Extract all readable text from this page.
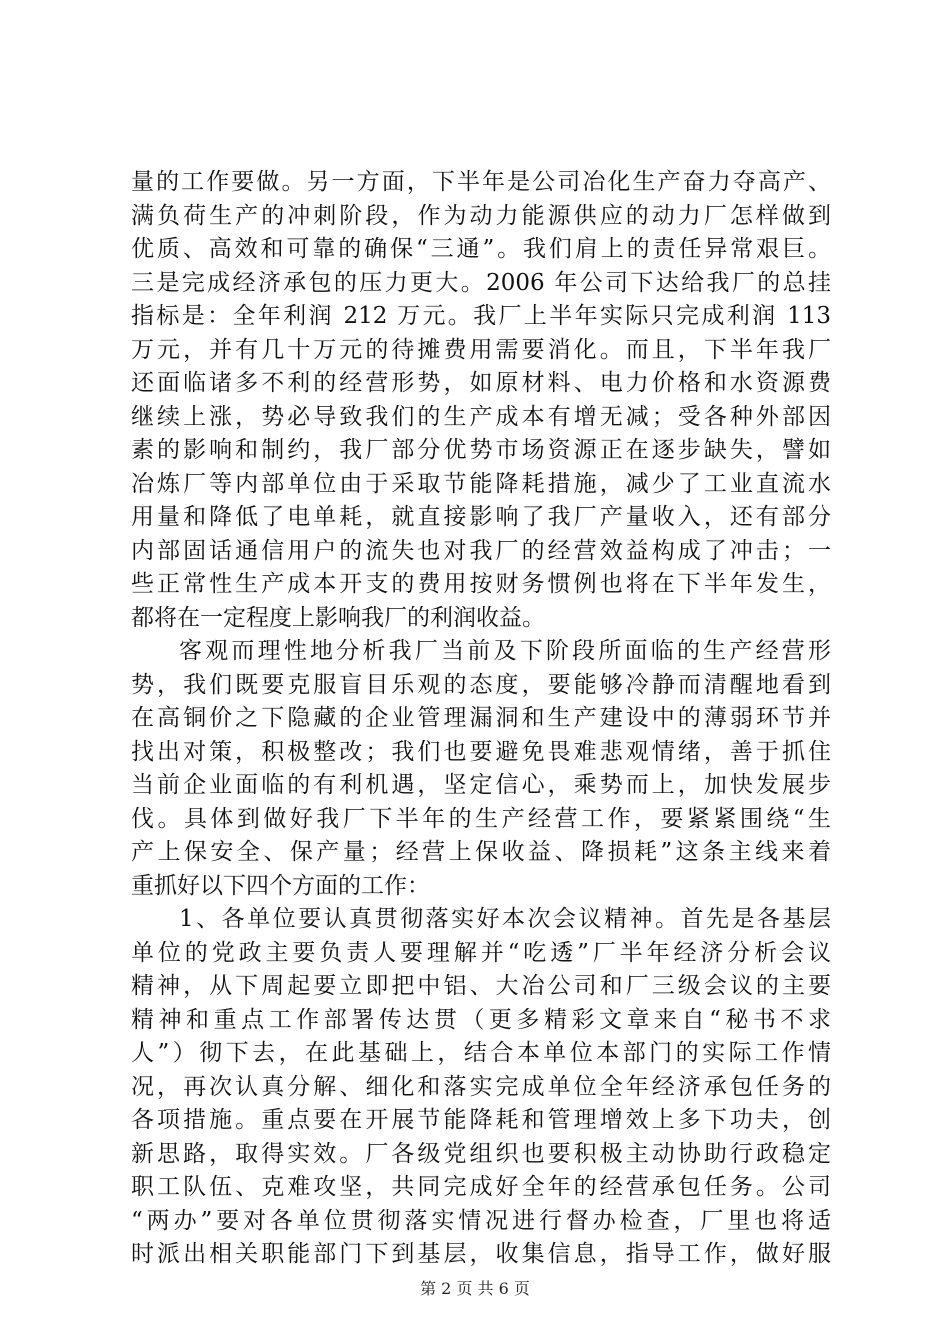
量的工作要做。另一方面，下半年是公司冶化生产奋力夺高产、
满负荷生产的冲刺阶段，作为动力能源供应的动力厂怎样做到
优质、高效和可靠的确保“三通”。我们肩上的责任异常艰巨。
三是完成经济承包的压力更大。2006 年公司下达给我厂的总挂
指标是：全年利润 212 万元。我厂上半年实际只完成利润 113
万元，并有几十万元的待摊费用需要消化。而且，下半年我厂
还面临诸多不利的经营形势，如原材料、电力价格和水资源费
继续上涨，势必导致我们的生产成本有增无减；受各种外部因
素的影响和制约，我厂部分优势市场资源正在逐步缺失，譬如
冶炼厂等内部单位由于采取节能降耗措施，减少了工业直流水
用量和降低了电单耗，就直接影响了我厂产量收入，还有部分
内部固话通信用户的流失也对我厂的经营效益构成了冲击；一
些正常性生产成本开支的费用按财务惯例也将在下半年发生，
都将在一定程度上影响我厂的利润收益。
客观而理性地分析我厂当前及下阶段所面临的生产经营形
势，我们既要克服盲目乐观的态度，要能够冷静而清醒地看到
在高铜价之下隐藏的企业管理漏洞和生产建设中的薄弱环节并
找出对策，积极整改；我们也要避免畏难悲观情绪，善于抓住
当前企业面临的有利机遇，坚定信心，乘势而上，加快发展步
伐。具体到做好我厂下半年的生产经营工作，要紧紧围绕“生
产上保安全、保产量；经营上保收益、降损耗”这条主线来着
重抓好以下四个方面的工作：
1、各单位要认真贯彻落实好本次会议精神。首先是各基层
单位的党政主要负责人要理解并“吃透”厂半年经济分析会议
精神，从下周起要立即把中铝、大冶公司和厂三级会议的主要
精神和重点工作部署传达贯（更多精彩文章来自“秘书不求
人”）彻下去，在此基础上，结合本单位本部门的实际工作情
况，再次认真分解、细化和落实完成单位全年经济承包任务的
各项措施。重点要在开展节能降耗和管理增效上多下功夫，创
新思路，取得实效。厂各级党组织也要积极主动协助行政稳定
职工队伍、克难攻坚，共同完成好全年的经营承包任务。公司
“两办”要对各单位贯彻落实情况进行督办检查，厂里也将适
时派出相关职能部门下到基层，收集信息，指导工作，做好服
第 2 页 共 6 页
